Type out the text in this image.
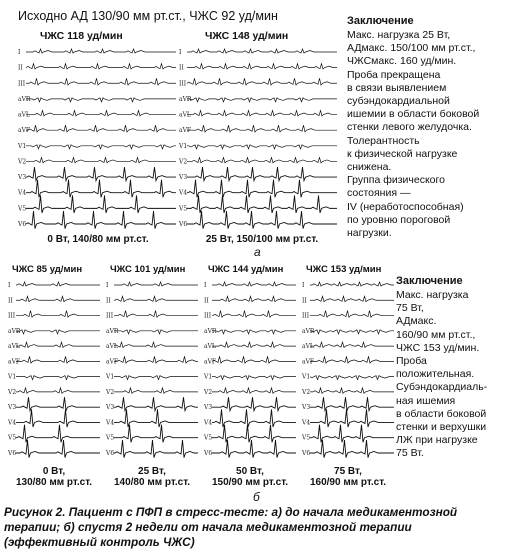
Исходно АД 130/90 мм рт.ст., ЧЖС 92 уд/мин
ЧЖС 118 уд/мин	ЧЖС 148 уд/мин
I
II
III
aVR
aVL
aVF
V1
V2
V3
V4
V5
V6
I
II
III
aVR
aVL
aVF
V1
V2
V3
V4
V5
V6
0 Вт, 140/80 мм рт.ст.	25 Вт, 150/100 мм рт.ст.
а
Заключение
Макс. нагрузка 25 Вт,
АДмакс. 150/100 мм рт.ст.,
ЧЖСмакс. 160 уд/мин.
Проба прекращена
в связи выявлением
субэндокардиальной
ишемии в области боковой
стенки левого желудочка.
Толерантность
к физической нагрузке
снижена.
Группа физического
состояния —
IV (неработоспособная)
по уровню пороговой
нагрузки.
ЧЖС 85 уд/мин	ЧЖС 101 уд/мин ЧЖС 144 уд/мин ЧЖС 153 уд/мин
I
II
III
aVR
aVL
aVF
V1
V2
V3
V4
V5
V6
I
II
III
aVR
aVL
aVF
V1
V2
V3
V4
V5
V6
I
II
III
aVR
aVL
aVF
V1
V2
V3
V4
V5
V6
I
II
III
aVR
aVL
aVF
V1
V2
V3
V4
V5
V6
0 Вт,
130/80 мм рт.ст.
25 Вт,
140/80 мм рт.ст.
50 Вт,
150/90 мм рт.ст.
75 Вт,
160/90 мм рт.ст.
б
Заключение
Макс. нагрузка
75 Вт,
АДмакс.
160/90 мм рт.ст.,
ЧЖС 153 уд/мин.
Проба
положительная.
Субэндокардиаль-
ная ишемия
в области боковой
стенки и верхушки
ЛЖ при нагрузке
75 Вт.
Рисунок 2. Пациент с ПФП в стресс-тесте: а) до начала медикаментозной терапии; б) спустя 2 недели от начала медикаментозной терапии (эффективный контроль ЧЖС)
